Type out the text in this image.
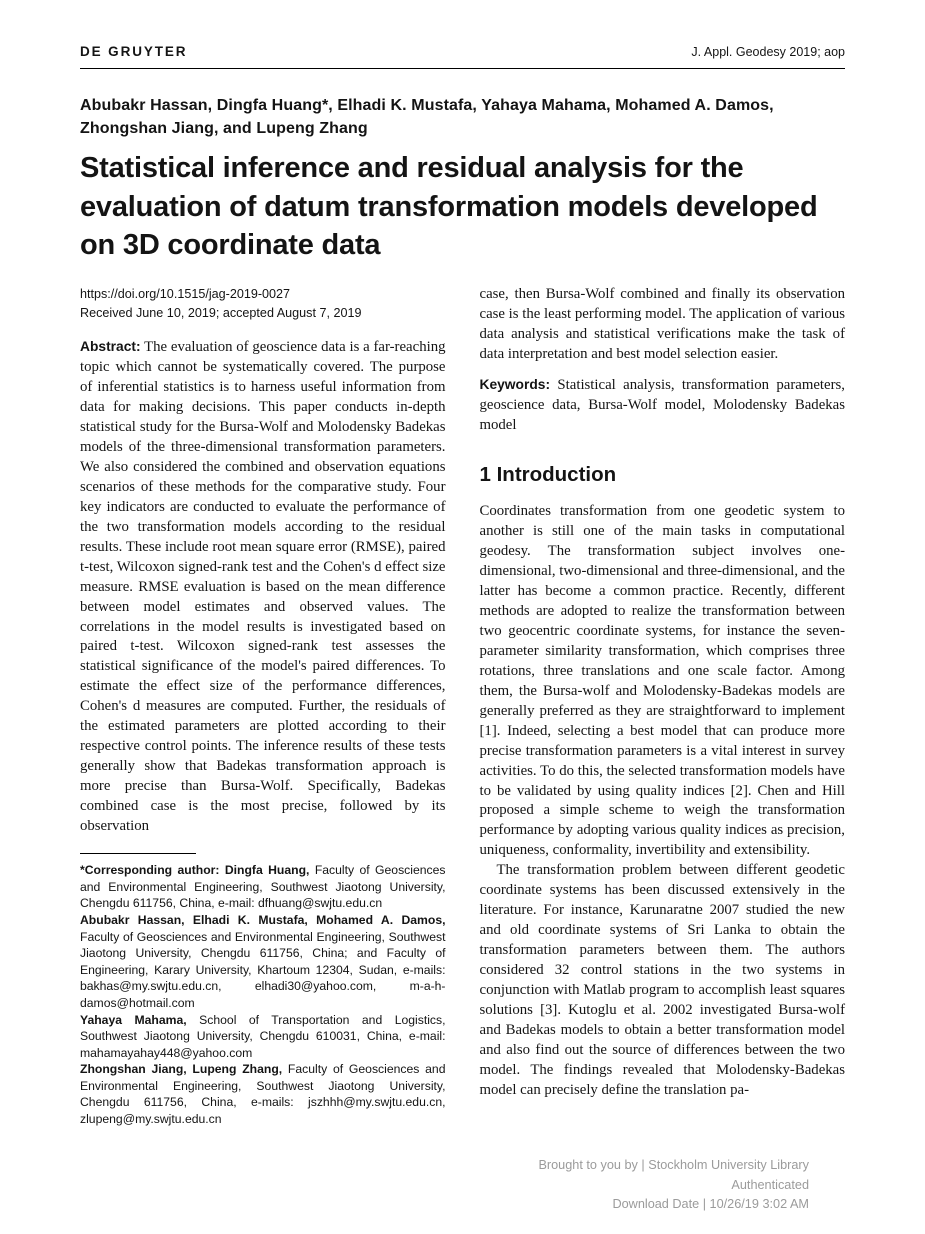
DE GRUYTER	J. Appl. Geodesy 2019; aop
Abubakr Hassan, Dingfa Huang*, Elhadi K. Mustafa, Yahaya Mahama, Mohamed A. Damos, Zhongshan Jiang, and Lupeng Zhang
Statistical inference and residual analysis for the evaluation of datum transformation models developed on 3D coordinate data
https://doi.org/10.1515/jag-2019-0027
Received June 10, 2019; accepted August 7, 2019

Abstract: The evaluation of geoscience data is a far-reaching topic which cannot be systematically covered. The purpose of inferential statistics is to harness useful information from data for making decisions. This paper conducts in-depth statistical study for the Bursa-Wolf and Molodensky Badekas models of the three-dimensional transformation parameters. We also considered the combined and observation equations scenarios of these methods for the comparative study. Four key indicators are conducted to evaluate the performance of the two transformation models according to the residual results. These include root mean square error (RMSE), paired t-test, Wilcoxon signed-rank test and the Cohen's d effect size measure. RMSE evaluation is based on the mean difference between model estimates and observed values. The correlations in the model results is investigated based on paired t-test. Wilcoxon signed-rank test assesses the statistical significance of the model's paired differences. To estimate the effect size of the performance differences, Cohen's d measures are computed. Further, the residuals of the estimated parameters are plotted according to their respective control points. The inference results of these tests generally show that Badekas transformation approach is more precise than Bursa-Wolf. Specifically, Badekas combined case is the most precise, followed by its observation

*Corresponding author: Dingfa Huang, Faculty of Geosciences and Environmental Engineering, Southwest Jiaotong University, Chengdu 611756, China, e-mail: dfhuang@swjtu.edu.cn

Abubakr Hassan, Elhadi K. Mustafa, Mohamed A. Damos, Faculty of Geosciences and Environmental Engineering, Southwest Jiaotong University, Chengdu 611756, China; and Faculty of Engineering, Karary University, Khartoum 12304, Sudan, e-mails: bakhas@my.swjtu.edu.cn, elhadi30@yahoo.com, m-a-h-damos@hotmail.com

Yahaya Mahama, School of Transportation and Logistics, Southwest Jiaotong University, Chengdu 610031, China, e-mail: mahamayahay448@yahoo.com

Zhongshan Jiang, Lupeng Zhang, Faculty of Geosciences and Environmental Engineering, Southwest Jiaotong University, Chengdu 611756, China, e-mails: jszhhh@my.swjtu.edu.cn, zlupeng@my.swjtu.edu.cn

case, then Bursa-Wolf combined and finally its observation case is the least performing model. The application of various data analysis and statistical verifications make the task of data interpretation and best model selection easier.

Keywords: Statistical analysis, transformation parameters, geoscience data, Bursa-Wolf model, Molodensky Badekas model

1 Introduction

Coordinates transformation from one geodetic system to another is still one of the main tasks in computational geodesy. The transformation subject involves one-dimensional, two-dimensional and three-dimensional, and the latter has become a common practice. Recently, different methods are adopted to realize the transformation between two geocentric coordinate systems, for instance the seven-parameter similarity transformation, which comprises three rotations, three translations and one scale factor. Among them, the Bursa-wolf and Molodensky-Badekas models are generally preferred as they are straightforward to implement [1]. Indeed, selecting a best model that can produce more precise transformation parameters is a vital interest in survey activities. To do this, the selected transformation models have to be validated by using quality indices [2]. Chen and Hill proposed a simple scheme to weigh the transformation performance by adopting various quality indices as precision, uniqueness, conformality, invertibility and extensibility.

The transformation problem between different geodetic coordinate systems has been discussed extensively in the literature. For instance, Karunaratne 2007 studied the new and old coordinate systems of Sri Lanka to obtain the transformation parameters between them. The authors considered 32 control stations in the two systems in conjunction with Matlab program to accomplish least squares solutions [3]. Kutoglu et al. 2002 investigated Bursa-wolf and Badekas models to obtain a better transformation model and also find out the source of differences between the two model. The findings revealed that Molodensky-Badekas model can precisely define the translation pa-

Brought to you by | Stockholm University Library
Authenticated
Download Date | 10/26/19 3:02 AM
